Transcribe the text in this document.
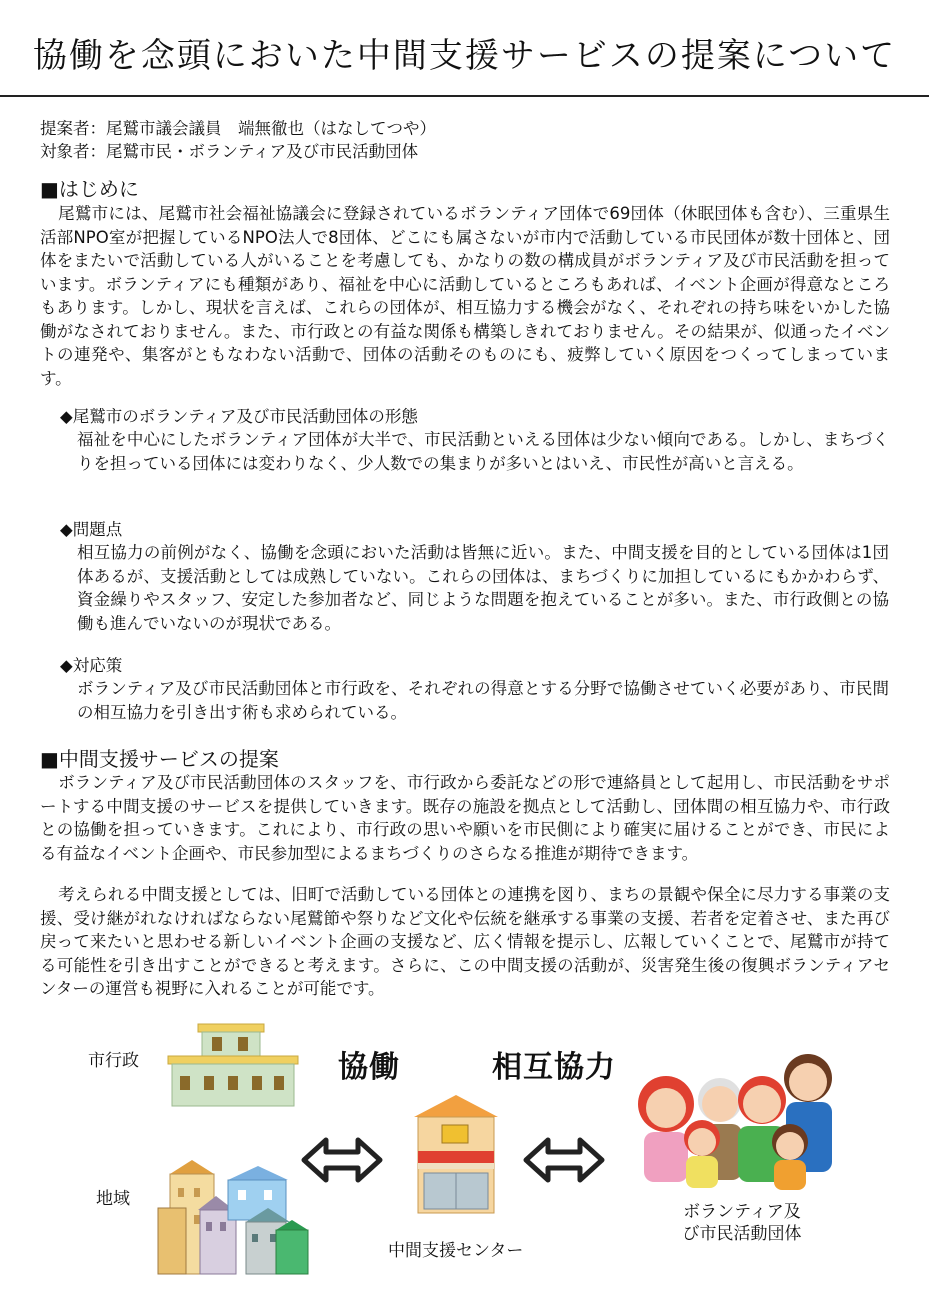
協働を念頭においた中間支援サービスの提案について
提案者：尾鷲市議会議員　端無徹也（はなしてつや）
対象者：尾鷲市民・ボランティア及び市民活動団体
■はじめに
尾鷲市には、尾鷲市社会福祉協議会に登録されているボランティア団体で69団体（休眠団体も含む）、三重県生活部NPO室が把握しているNPO法人で8団体、どこにも属さないが市内で活動している市民団体が数十団体と、団体をまたいで活動している人がいることを考慮しても、かなりの数の構成員がボランティア及び市民活動を担っています。ボランティアにも種類があり、福祉を中心に活動しているところもあれば、イベント企画が得意なところもあります。しかし、現状を言えば、これらの団体が、相互協力する機会がなく、それぞれの持ち味をいかした協働がなされておりません。また、市行政との有益な関係も構築しきれておりません。その結果が、似通ったイベントの連発や、集客がともなわない活動で、団体の活動そのものにも、疲弊していく原因をつくってしまっています。
◆尾鷲市のボランティア及び市民活動団体の形態
福祉を中心にしたボランティア団体が大半で、市民活動といえる団体は少ない傾向である。しかし、まちづくりを担っている団体には変わりなく、少人数での集まりが多いとはいえ、市民性が高いと言える。
◆問題点
相互協力の前例がなく、協働を念頭においた活動は皆無に近い。また、中間支援を目的としている団体は1団体あるが、支援活動としては成熟していない。これらの団体は、まちづくりに加担しているにもかかわらず、資金繰りやスタッフ、安定した参加者など、同じような問題を抱えていることが多い。また、市行政側との協働も進んでいないのが現状である。
◆対応策
ボランティア及び市民活動団体と市行政を、それぞれの得意とする分野で協働させていく必要があり、市民間の相互協力を引き出す術も求められている。
■中間支援サービスの提案
ボランティア及び市民活動団体のスタッフを、市行政から委託などの形で連絡員として起用し、市民活動をサポートする中間支援のサービスを提供していきます。既存の施設を拠点として活動し、団体間の相互協力や、市行政との協働を担っていきます。これにより、市行政の思いや願いを市民側により確実に届けることができ、市民による有益なイベント企画や、市民参加型によるまちづくりのさらなる推進が期待できます。
考えられる中間支援としては、旧町で活動している団体との連携を図り、まちの景観や保全に尽力する事業の支援、受け継がれなければならない尾鷲節や祭りなど文化や伝統を継承する事業の支援、若者を定着させ、また再び戻って来たいと思わせる新しいイベント企画の支援など、広く情報を提示し、広報していくことで、尾鷲市が持てる可能性を引き出すことができると考えます。さらに、この中間支援の活動が、災害発生後の復興ボランティアセンターの運営も視野に入れることが可能です。
市行政
地域
協働	相互協力
中間支援センター
ボランティア及
び市民活動団体
